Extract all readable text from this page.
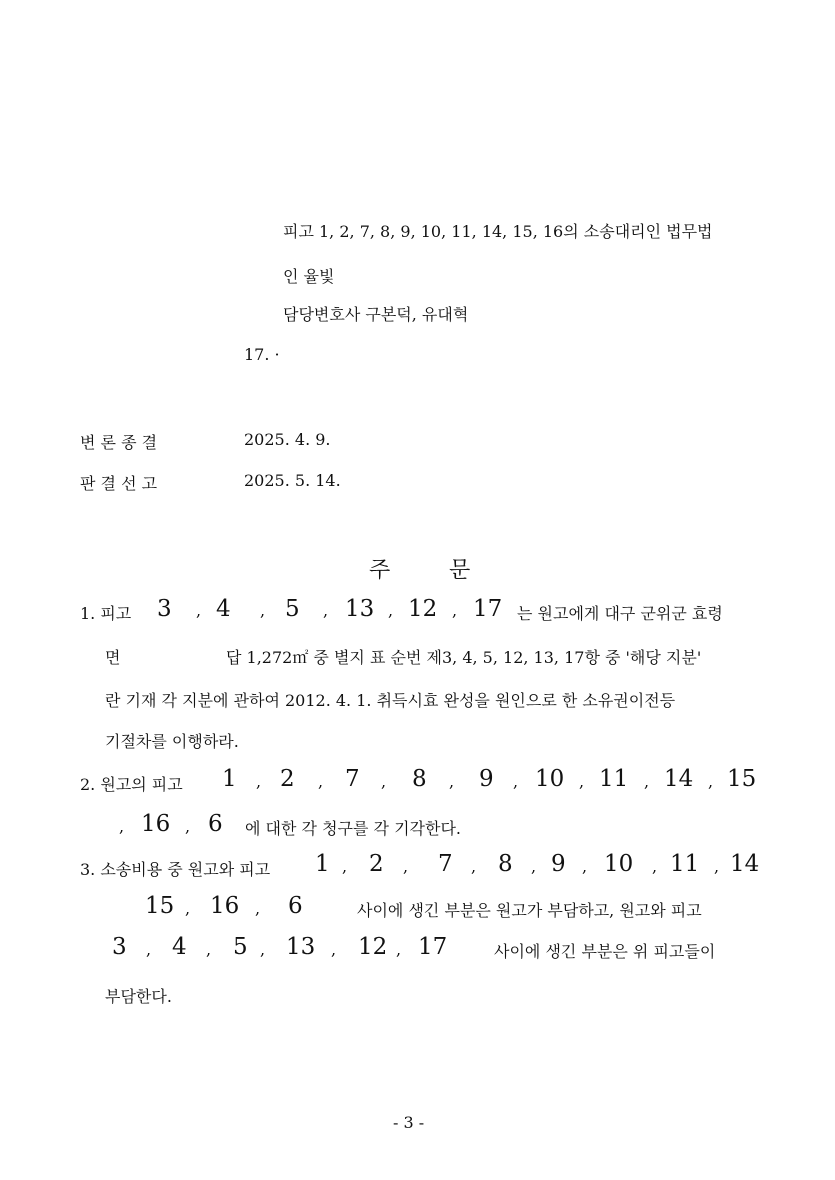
피고 1, 2, 7, 8, 9, 10, 11, 14, 15, 16의 소송대리인 법무법
인 율빛
담당변호사 구본덕, 유대혁
17. ·
변 론 종 결	2025. 4. 9.
판 결 선 고	2025. 5. 14.
주	문
1. 피고 3 , 4 , 5 , 13 , 12 , 17 는 원고에게 대구 군위군 효령
면	답 1,272㎡ 중 별지 표 순번 제3, 4, 5, 12, 13, 17항 중 '해당 지분'
란 기재 각 지분에 관하여 2012. 4. 1. 취득시효 완성을 원인으로 한 소유권이전등
기절차를 이행하라.
2. 원고의 피고 1 , 2 , 7 , 8 , 9 , 10 , 11 , 14 , 15
, 16 , 6 에 대한 각 청구를 각 기각한다.
3. 소송비용 중 원고와 피고 1 , 2 , 7 , 8 , 9 , 10 , 11 , 14
15 , 16 , 6	사이에 생긴 부분은 원고가 부담하고, 원고와 피고
3 , 4 , 5 , 13 , 12 , 17	사이에 생긴 부분은 위 피고들이
부담한다.
- 3 -
